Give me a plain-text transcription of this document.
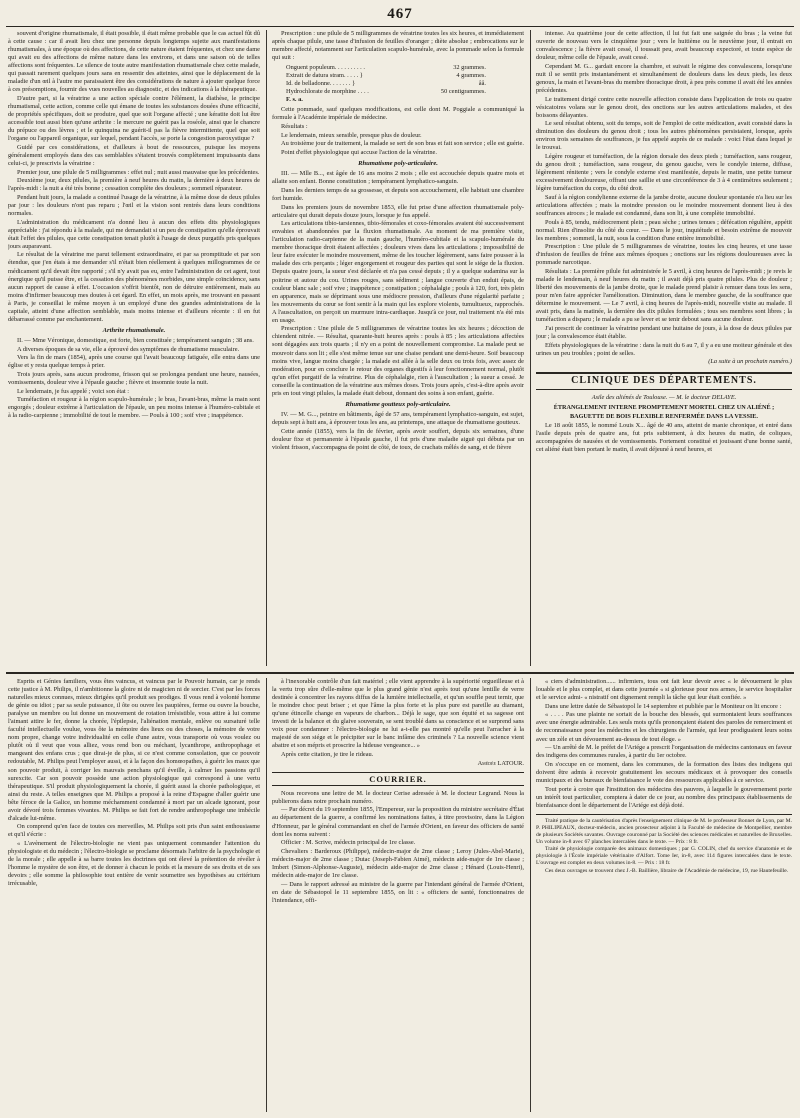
467

souvent d'origine rhumatismale, il était possible, il était même probable que le cas actuel fût dû à cette cause : car il avait lieu chez une personne depuis longtemps sujette aux manifestations rhumatismales, à une époque où des affections, de cette nature étaient fréquentes, et chez une dame qui avait eu des affections de même nature dans les environs, et dans une saison où de telles affections sont fréquentes. Le silence de toute autre manifestation rhumatismale chez cette malade, qui passait rarement quelques jours sans en ressentir des atteintes, ainsi que le déplacement de la maladie d'un œil à l'autre me paraissaient être des considérations de nature à ajouter quelque force à ces présomptions, fournir des vues nouvelles au diagnostic, et des indications à la thérapeutique.

D'autre part, si la vératrine a une action spéciale contre l'élément, la diathèse, le principe rhumatismal, cette action, comme celle qui émane de toutes les substances douées d'une efficacité, de propriétés spécifiques, doit se produire, quel que soit l'organe affecté ; une kératite doit lui être accessible tout aussi bien qu'une arthrite : le mercure ne guérit pas la roséole, ainsi que le chancre du prépuce ou des lèvres ; et le quinquina ne guérit-il pas la fièvre intermittente, quel que soit l'organe ou l'appareil organique, sur lequel, pendant l'accès, se porte la congestion paroxystique ?

Guidé par ces considérations, et d'ailleurs à bout de ressources, puisque les moyens généralement employés dans des cas semblables s'étaient trouvés complètement impuissants dans celui-ci, je prescrivis la vératrine :

Premier jour, une pilule de 5 milligrammes : effet nul ; nuit aussi mauvaise que les précédentes.

Deuxième jour, deux pilules, la première à neuf heures du matin, la dernière à deux heures de l'après-midi : la nuit a été très bonne ; cessation complète des douleurs ; sommeil réparateur.

Pendant huit jours, la malade a continué l'usage de la vératrine, à la même dose de deux pilules par jour : les douleurs n'ont pas reparu ; l'œil et la vision sont rentrés dans leurs conditions normales.

L'administration du médicament n'a donné lieu à aucun des effets dits physiologiques appréciable : j'ai répondu à la malade, qui me demandait si un peu de constipation qu'elle éprouvait était l'effet des pilules, que cette constipation tenait plutôt à l'usage de deux purgatifs pris quelques jours auparavant.

Le résultat de la vératrine me parut tellement extraordinaire, et par sa promptitude et par son étendue, que j'en étais à me demander s'il n'était bien réellement à quelques millogrammes de ce médicament qu'il devait être rapporté ; s'il n'y avait pas eu, entre l'administration de cet agent, tout énergique qu'il puisse être, et la cessation des phénomènes morbides, une simple coïncidence, sans aucun rapport de cause à effet. L'occasion s'offrit bientôt, non de détruire entièrement, mais au moins d'infirmer beaucoup mes doutes à cet égard. En effet, un mois après, me trouvant en passant à Paris, je conseillai le même moyen à un employé d'une des grandes administrations de la capitale, atteint d'une affection semblable, mais moins intense et d'ailleurs récente : il en fut débarrassé comme par enchantement.

Arthrite rhumatismale.

II. — Mme Véronique, domestique, est forte, bien constituée ; tempérament sanguin ; 38 ans.

A diverses époques de sa vie, elle a éprouvé des symptômes de rhumatisme musculaire.

Vers la fin de mars (1854), après une course qui l'avait beaucoup fatiguée, elle entra dans une église et y resta quelque temps à prier.

Trois jours après, sans aucun prodrome, frisson qui se prolongea pendant une heure, nausées, vomissements, douleur vive à l'épaule gauche ; fièvre et insomnie toute la nuit.

Le lendemain, je fus appelé ; voici son état :

Tuméfaction et rougeur à la région scapulo-humérale ; le bras, l'avant-bras, même la main sont engorgés ; douleur extrême à l'articulation de l'épaule, un peu moins intense à l'huméro-cubitale et à la radio-carpienne ; immobilité de tout le membre. — Pouls à 100 ; soif vive ; inappétence.

Prescription : une pilule de 5 milligrammes de vératrine toutes les six heures, et immédiatement après chaque pilule, une tasse d'infusion de feuilles d'oranger ; diète absolue ; embrocations sur le membre affecté, notamment sur l'articulation scapulo-humérale, avec la pommade selon la formule qui suit :

Onguent populeum. . . . . . . . . .	32 grammes.
Extrait de datura stram. . . . . }	4 grammes.
Id. de belladonne. . . . . . . }	ââ.
Hydrochlorate de morphine . . . .	50 centigrammes.
F. s. a.

Cette pommade, sauf quelques modifications, est celle dont M. Poggiale a communiqué la formule à l'Académie impériale de médecine.

Résultats :

Le lendemain, mieux sensible, presque plus de douleur.

Au troisième jour de traitement, la malade se sert de son bras et fait son service ; elle est guérie.

Point d'effet physiologique qui accuse l'action de la vératrine.

Rhumatisme poly-articulaire.

III. — Mlle B..., est âgée de 16 ans moins 2 mois ; elle est accouchée depuis quatre mois et allaite son enfant. Bonne constitution ; tempérament lymphatico-sanguin.

Dans les derniers temps de sa grossesse, et depuis son accouchement, elle habitait une chambre fort humide.

Dans les premiers jours de novembre 1853, elle fut prise d'une affection rhumatismale poly-articulaire qui durait depuis douze jours, lorsque je fus appelé.

Les articulations tibio-tarsiennes, tibio-fémorales et coxo-fémorales avaient été successivement envahies et abandonnées par la fluxion rhumatismale. Au moment de ma première visite, l'articulation radio-carpienne de la main gauche, l'huméro-cubitale et la scapulo-humérale du membre thoracique droit étaient affectées ; douleurs vives dans les articulations ; impossibilité de leur faire exécuter le moindre mouvement, même de les toucher légèrement, sans faire pousser à la malade des cris perçants ; léger engorgement et rougeur des parties qui sont le siége de la fluxion. Depuis quatre jours, la sueur s'est déclarée et n'a pas cessé depuis ; il y a quelque sudamina sur la poitrine et autour du cou. Urines rouges, sans sédiment ; langue couverte d'un enduit épais, de couleur blanc sale ; soif vive ; inappétence ; constipation ; céphalalgie ; pouls à 120, fort, très plein en apparence, mais se déprimant sous une médiocre pression, d'ailleurs d'une régularité parfaite ; les mouvements du cœur se font sentir à la main qui les explore violents, tumultueux, rapprochés. A l'auscultation, on perçoit un murmure intra-cardiaque. Jusqu'à ce jour, nul traitement n'a été mis en usage.

Prescription : Une pilule de 5 milligrammes de vératrine toutes les six heures ; décoction de chiendent nitrée. — Résultat, quarante-huit heures après : pouls à 85 ; les articulations affectées sont dégagées aux trois quarts ; il n'y en a point de nouvellement compromise. La malade peut se mouvoir dans son lit ; elle s'est même tenue sur une chaise pendant une demi-heure. Soif beaucoup moins vive, langue moins chargée ; la malade est allée à la selle deux ou trois fois, avec assez de modération, pour en conclure le retour des organes digestifs à leur fonctionnement normal, plutôt qu'un effet purgatif de la vératrine. Plus de céphalalgie, rien à l'auscultation ; la sueur a cessé. Je conseille la continuation de la vératrine aux mêmes doses. Trois jours après, c'est-à-dire après avoir pris en tout vingt pilules, la malade était debout, donnant des soins à son enfant, guérie.

Rhumatisme goutteux poly-articulaire.

IV. — M. G..., peintre en bâtiments, âgé de 57 ans, tempérament lymphatico-sanguin, est sujet, depuis sept à huit ans, à éprouver tous les ans, au printemps, une attaque de rhumatisme goutteux.

Cette année (1855), vers la fin de février, après avoir souffert, depuis six semaines, d'une douleur fixe et permanente à l'épaule gauche, il fut pris d'une maladie aiguë qui débuta par un violent frisson, s'accompagna de point de côté, de toux, de crachats mêlés de sang, et de fièvre

intense. Au quatrième jour de cette affection, il lui fut fait une saignée du bras ; la veine fut ouverte de nouveau vers le cinquième jour ; vers le huitième ou le neuvième jour, il entrait en convalescence ; la fièvre avait cessé, il toussait peu, avait beaucoup expectoré, et toute espèce de douleur, même celle de l'épaule, avait cessé.

Cependant M. G... gardait encore la chambre, et suivait le régime des convalescens, lorsqu'une nuit il se sentit pris instantanément et simultanément de douleurs dans les deux pieds, les deux genoux, la main et l'avant-bras du membre thoracique droit, à peu près comme il avait été les années précédentes.

Le traitement dirigé contre cette nouvelle affection consiste dans l'application de trois ou quatre vésicatoires volans sur le genou droit, des onctions sur les autres articulations malades, et des boissons délayantes.

Le seul résultat obtenu, soit du temps, soit de l'emploi de cette médication, avait consisté dans la diminution des douleurs du genou droit ; tous les autres phénomènes persistaient, lorsque, après environ trois semaines de souffrances, je fus appelé auprès de ce malade : voici l'état dans lequel je le trouvai.

Légère rougeur et tuméfaction, de la région dorsale des deux pieds ; tuméfaction, sans rougeur, du genou droit ; tuméfaction, sans rougeur, du genou gauche, vers le condyle interne, diffuse, légèrement rénitente ; vers le condyle externe s'est manifestée, depuis le matin, une petite tumeur excessivement douloureuse, offrant une saillie et une circonférence de 3 à 4 centimètres seulement ; légère tuméfaction du corps, du côté droit.

Sauf à la région condylienne externe de la jambe droite, aucune douleur spontanée n'a lieu sur les articulations affectées ; mais la moindre pression ou le moindre mouvement donnent lieu à des souffrances atroces ; le malade est condamné, dans son lit, à une complète immobilité.

Pouls à 85, tendu, médiocrement plein ; peau sèche ; urines tenues ; défécation régulière, appétit normal. Rien d'insolite du côté du cœur. — Dans le jour, inquiétude et besoin extrême de mouvoir les membres ; sommeil, la nuit, sous la condition d'une entière immobilité.

Prescription : Une pilule de 5 milligrammes de vératrine, toutes les cinq heures, et une tasse d'infusion de feuilles de frêne aux mêmes époques ; onctions sur les régions douloureuses avec la pommade narcotique.

Résultats : La première pilule fut administrée le 5 avril, à cinq heures de l'après-midi ; je revis le malade le lendemain, à neuf heures du matin ; il avait déjà pris quatre pilules. Plus de douleur ; liberté des mouvements de la jambe droite, que le malade prend plaisir à remuer dans tous les sens, pour m'en faire apprécier l'amélioration. Diminution, dans le membre gauche, de la souffrance que détermine le mouvement. — Le 7 avril, à cinq heures de l'après-midi, nouvelle visite au malade. Il avait pris, dans la matinée, la dernière des dix pilules formulées ; tous ses membres sont libres ; la tuméfaction a disparu ; le malade a pu se lever et se tenir debout sans aucune douleur.

J'ai prescrit de continuer la vératrine pendant une huitaine de jours, à la dose de deux pilules par jour ; la convalescence était établie.

Effets physiologiques de la vératrine : dans la nuit du 6 au 7, il y a eu une moiteur générale et des urines un peu troubles ; point de selles.

(La suite à un prochain numéro.)

CLINIQUE DES DÉPARTEMENTS.
Asile des aliénés de Toulouse. — M. le docteur DELAYE.
ÉTRANGLEMENT INTERNE PROMPTEMENT MORTEL CHEZ UN ALIÉNÉ ;
BAGUETTE DE BOIS FLEXIBLE RENFERMÉE DANS LA VESSIE.

Le 18 août 1855, le nommé Louis X... âgé de 40 ans, atteint de manie chronique, et entré dans l'asile depuis près de quatre ans, fut pris subitement, à dix heures du matin, de coliques, accompagnées de nausées et de vomissements. Fortement constitué et jouissant d'une bonne santé, cet aliéné était bien portant le matin, il avait déjeuné à neuf heures, et

Esprits et Génies familiers, vous êtes vaincus, et vaincus par le Pouvoir humain, car je rends cette justice à M. Philips, il n'ambitionne la gloire ni de magicien ni de sorcier. C'est par les forces naturelles mieux connues, mieux dirigées qu'il produit ses prodiges. Il vous rend à volonté homme de génie ou idiot ; par sa seule puissance, il ôte ou ouvre les paupières, ferme ou ouvre la bouche, paralyse un membre ou lui donne un mouvement de rotation irrésistible, vous attire à lui comme l'aimant attire le fer, donne la chorée, l'épilepsie, l'aliénation mentale, enlève ou sursaturé telle faculté intellectuelle voulue, vous ôte la mémoire des lieux ou des choses, la mémoire de votre nom propre, change votre individualité en celle d'une autre, vous transporte où vous voulez ou plutôt où il veut que vous alliez, vous rend bon ou méchant, lycanthrope, anthropophage et mangeant des enfans crus ; que dirai-je de plus, si ce n'est comme consolation, que ce pouvoir redoutable, M. Philips peut l'employer aussi, et à la façon des homœopathes, à guérir les maux que son pouvoir produit, à corriger les mauvais penchans qu'il éveille, à calmer les passions qu'il surexcite. Car son pouvoir possède une action physiologique qui correspond à une vertu thérapeutique. S'il produit physiologiquement la chorée, il guérit aussi la chorée pathologique, et ainsi du reste. A telles enseignes que M. Philips a proposé à la reine d'Espagne d'aller guérir une bête féroce de la Galice, un homme méchamment condamné à mort par un alcade ignorant, pour avoir dévoré trois femmes vivantes. M. Philips se fait fort de rendre anthropophage une imbécile d'alcade lui-même.

On comprend qu'en face de toutes ces merveilles, M. Philips soit pris d'un saint enthousiasme et qu'il s'écrie :

« L'avènement de l'électro-biologie ne vient pas uniquement commander l'attention du physiologiste et du médecin ; l'électro-biologie se proclame désormais l'arbitre de la psychologie et de la morale ; elle appelle à sa barre toutes les doctrines qui ont élevé la prétention de révéler à l'homme le mystère de son être, et de donner à chacun le poids et la mesure de ses droits et de ses devoirs ; elle somme la philosophie tout entière de venir soumettre ses hypothèses au critérium irrécusable,

à l'inexorable contrôle d'un fait matériel ; elle vient apprendre à la supériorité orgueilleuse et à la vertu trop sûre d'elle-même que le plus grand génie n'est après tout qu'une lentille de verre destinée à concentrer les rayons diffus de la lumière intellectuelle, et qu'un souffle peut ternir, que le moindre choc peut briser ; et que l'âme la plus forte et la plus pure est pareille au diamant, qu'une étincelle change en vapeurs de charbon... Déjà le sage, que son équité et sa sagesse ont investi de la balance et du glaive souverain, se sent troublé dans sa conscience et se surprend sans voix pour condamner : l'électro-biologie ne lui a-t-elle pas montré qu'elle peut l'arracher à la majesté de son siége et le précipiter sur le banc infâme des criminels ? La nouvelle science vient abattre et son mépris et proscrire la hideuse vengeance... »

Après cette citation, je tire le rideau.

Amédée LATOUR.

COURRIER.

Nous recevons une lettre de M. le docteur Cerise adressée à M. le docteur Legrand. Nous la publierons dans notre prochain numéro.

— Par décret du 19 septembre 1855, l'Empereur, sur la proposition du ministre secrétaire d'État au département de la guerre, a confirmé les nominations faites, à titre provisoire, dans la Légion d'Honneur, par le général commandant en chef de l'armée d'Orient, en faveur des officiers de santé dont les noms suivent :

Officier : M. Scrive, médecin principal de 1re classe.

Chevaliers : Barderoux (Philippe), médecin-major de 2me classe ; Leroy (Jules-Abel-Marie), médecin-major de 2me classe ; Dutac (Joseph-Fabien Aimé), médecin aide-major de 1re classe ; Imbert (Simon-Alphonse-Auguste), médecin aide-major de 2me classe ; Hénard (Louis-Henri), médecin aide-major de 1re classe.

— Dans le rapport adressé au ministre de la guerre par l'intendant général de l'armée d'Orient, en date de Sébastopol le 11 septembre 1855, on lit : « officiers de santé, fonctionnaires de l'intendance, offi-

« ciers d'administration...... infirmiers, tous ont fait leur devoir avec « le dévouement le plus louable et le plus complet, et dans cette journée « si glorieuse pour nos armes, le service hospitalier et le service admi- « nistratif ont dignement rempli la tâche qui leur était confiée. »

Dans une lettre datée de Sébastopol le 14 septembre et publiée par le Moniteur on lit encore :

« . . . . Pas une plainte ne sortait de la bouche des blessés, qui surmontaient leurs souffrances avec une énergie admirable. Les seuls mots qu'ils prononçaient étaient des paroles de remerciment et de reconnaissance pour les médecins et les chirurgiens de l'armée, qui leur prodiguaient leurs soins avec un zèle et un dévouement au-dessus de tout éloge. »

— Un arrêté de M. le préfet de l'Ariége a prescrit l'organisation de médecins cantonaux en faveur des indigens des communes rurales, à partir du 1er octobre.

On s'occupe en ce moment, dans les communes, de la formation des listes des indigens qui doivent être admis à recevoir gratuitement les secours médicaux et à provoquer des conseils municipaux et des bureaux de bienfaisance le vote des ressources applicables à ce service.

Tout porte à croire que l'institution des médecins des pauvres, à laquelle le gouvernement porte un intérêt tout particulier, comptera à dater de ce jour, au nombre des principaux établissements de bienfaisance dont le département de l'Ariége est déjà doté.

Traité pratique de la cautérisation d'après l'enseignement clinique de M. le professeur Bonnet de Lyon, par M. P. PHILIPEAUX, docteur-médecin, ancien prosecteur adjoint à la Faculté de médecine de Montpellier, membre de plusieurs Sociétés savantes. Ouvrage couronné par la Société des sciences médicales et naturelles de Bruxelles. Un volume in-8 avec 67 planches intercalées dans le texte. — Prix : 8 fr.

Traité de physiologie comparée des animaux domestiques ; par G. COLIN, chef du service d'anatomie et de physiologie à l'École impériale vétérinaire d'Alfort. Tome Ier, in-8, avec 114 figures intercalées dans le texte. L'ouvrage est complet en deux volumes in-8. — Prix : 18 fr.

Ces deux ouvrages se trouvent chez J.-B. Baillière, libraire de l'Académie de médecine, 19, rue Hautefeuille.
